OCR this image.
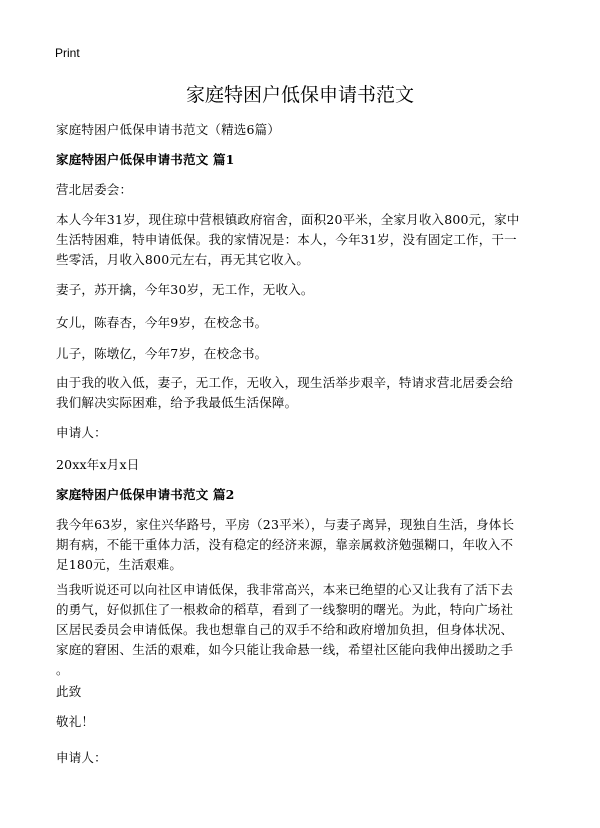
Print
家庭特困户低保申请书范文
家庭特困户低保申请书范文（精选6篇）
家庭特困户低保申请书范文 篇1
营北居委会：
本人今年31岁，现住琼中营根镇政府宿舍，面积20平米，全家月收入800元，家中
生活特困难，特申请低保。我的家情况是：本人，今年31岁，没有固定工作，干一
些零活，月收入800元左右，再无其它收入。
妻子，苏开擒，今年30岁，无工作，无收入。
女儿，陈春杏，今年9岁，在校念书。
儿子，陈墩亿，今年7岁，在校念书。
由于我的收入低，妻子，无工作，无收入，现生活举步艰辛，特请求营北居委会给
我们解决实际困难，给予我最低生活保障。
申请人：
20xx年x月x日
家庭特困户低保申请书范文 篇2
我今年63岁，家住兴华路号，平房（23平米），与妻子离异，现独自生活，身体长
期有病，不能干重体力活，没有稳定的经济来源，靠亲属救济勉强糊口，年收入不
足180元，生活艰难。
当我听说还可以向社区申请低保，我非常高兴，本来已绝望的心又让我有了活下去
的勇气，好似抓住了一根救命的稻草，看到了一线黎明的曙光。为此，特向广场社
区居民委员会申请低保。我也想靠自己的双手不给和政府增加负担，但身体状况、
家庭的窘困、生活的艰难，如今只能让我命悬一线，希望社区能向我伸出援助之手
。
此致
敬礼！
申请人：
